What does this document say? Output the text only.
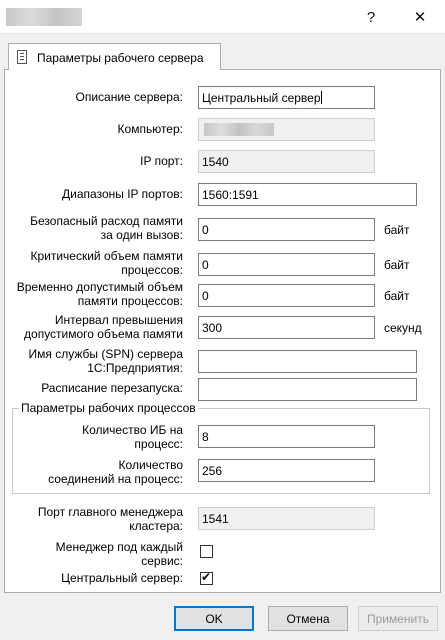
?	✕
Параметры рабочего сервера
Описание сервера:	Центральный сервер
Компьютер:
IP порт:	1540
Диапазоны IP портов:	1560:1591
Безопасный расход памяти
за один вызов:	0	байт
Критический объем памяти
процессов:	0	байт
Временно допустимый объем
памяти процессов:	0	байт
Интервал превышения
допустимого объема памяти	300	секунд
Имя службы (SPN) сервера
1С:Предприятия:
Расписание перезапуска:
Параметры рабочих процессов
Количество ИБ на
процесс:	8
Количество
соединений на процесс:
256
Порт главного менеджера
кластера:	1541
Менеджер под каждый
сервис:
Центральный сервер: ✔
OK	Отмена	Применить
